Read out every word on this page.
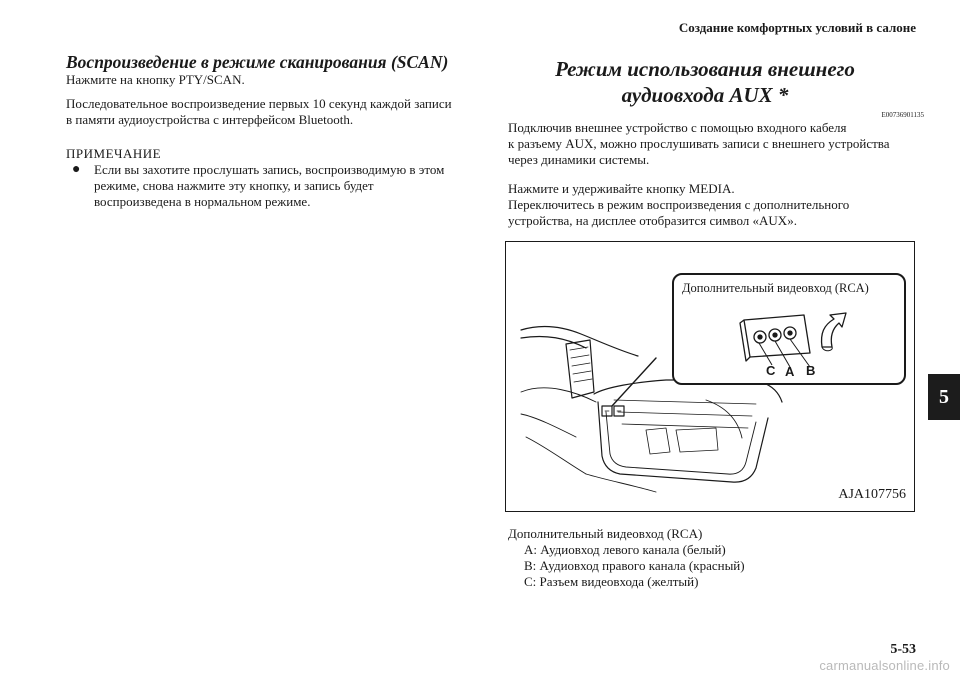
Создание комфортных условий в салоне
Воспроизведение в режиме сканирования (SCAN)
Нажмите на кнопку PTY/SCAN.
Последовательное воспроизведение первых 10 секунд каждой записи
в памяти аудиоустройства с интерфейсом Bluetooth.
ПРИМЕЧАНИЕ
●	Если вы захотите прослушать запись, воспроизводимую в этом
режиме, снова нажмите эту кнопку, и запись будет
воспроизведена в нормальном режиме.
Режим использования внешнего
аудиовхода AUX *
E00736901135
Подключив внешнее устройство с помощью входного кабеля
к разъему AUX, можно прослушивать записи с внешнего устройства
через динамики системы.
Нажмите и удерживайте кнопку MEDIA.
Переключитесь в режим воспроизведения с дополнительного
устройства, на дисплее отобразится символ «AUX».
Дополнительный видеовход (RCA)
C A B
AJA107756
Дополнительный видеовход (RCA)
A: Аудиовход левого канала (белый)
B: Аудиовход правого канала (красный)
C: Разъем видеовхода (желтый)
5
5-53
carmanualsonline.info
